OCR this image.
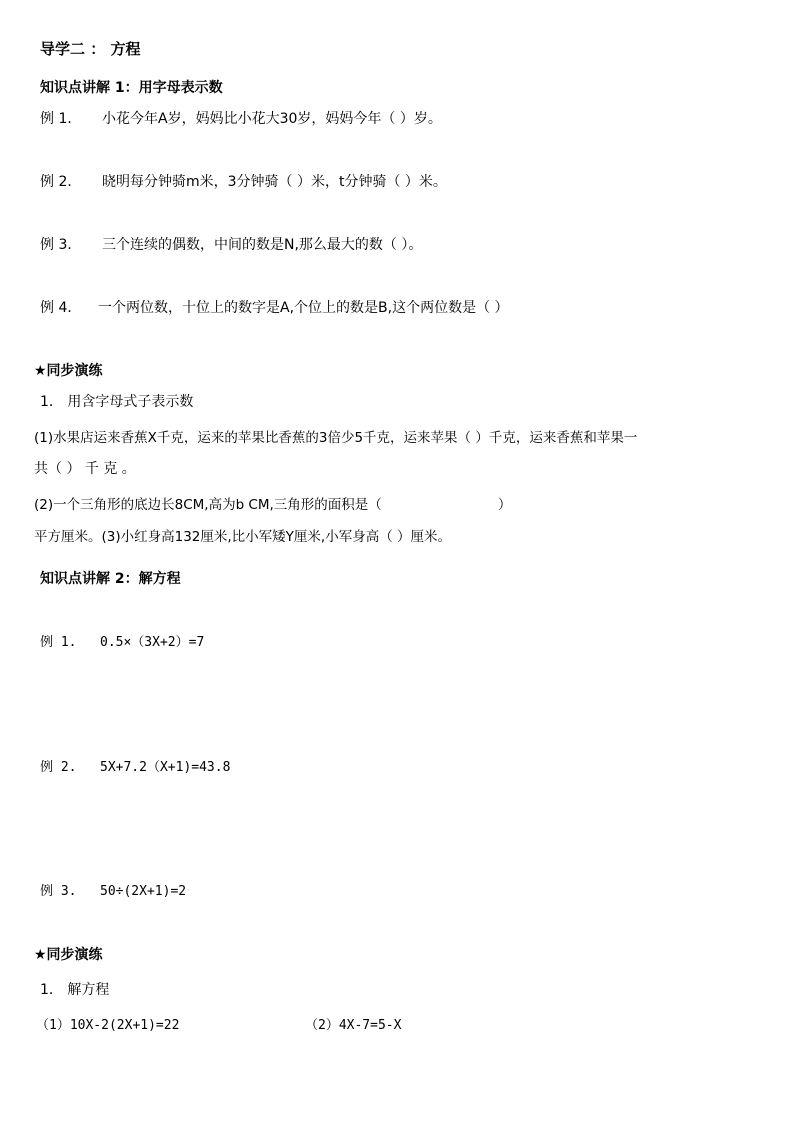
导学二 ： 方程
知识点讲解 1：用字母表示数
例 1． 小花今年A岁，妈妈比小花大30岁，妈妈今年（ ）岁。
例 2． 晓明每分钟骑m米，3分钟骑（ ）米，t分钟骑（ ）米。
例 3． 三个连续的偶数，中间的数是N,那么最大的数（ ）。
例 4． 一个两位数，十位上的数字是A,个位上的数是B,这个两位数是（ ）
★同步演练
1． 用含字母式子表示数
(1)水果店运来香蕉X千克，运来的苹果比香蕉的3倍少5千克，运来苹果（ ）千克，运来香蕉和苹果一
共（ ） 千 克 。
(2)一个三角形的底边长8CM,高为b CM,三角形的面积是（	）
平方厘米。(3)小红身高132厘米,比小军矮Y厘米,小军身高（ ）厘米。
知识点讲解 2：解方程
例 1. 0.5×（3X+2）=7
例 2. 5X+7.2（X+1)=43.8
例 3. 50÷(2X+1)=2
★同步演练
1． 解方程
（1）10X-2(2X+1)=22	（2）4X-7=5-X
